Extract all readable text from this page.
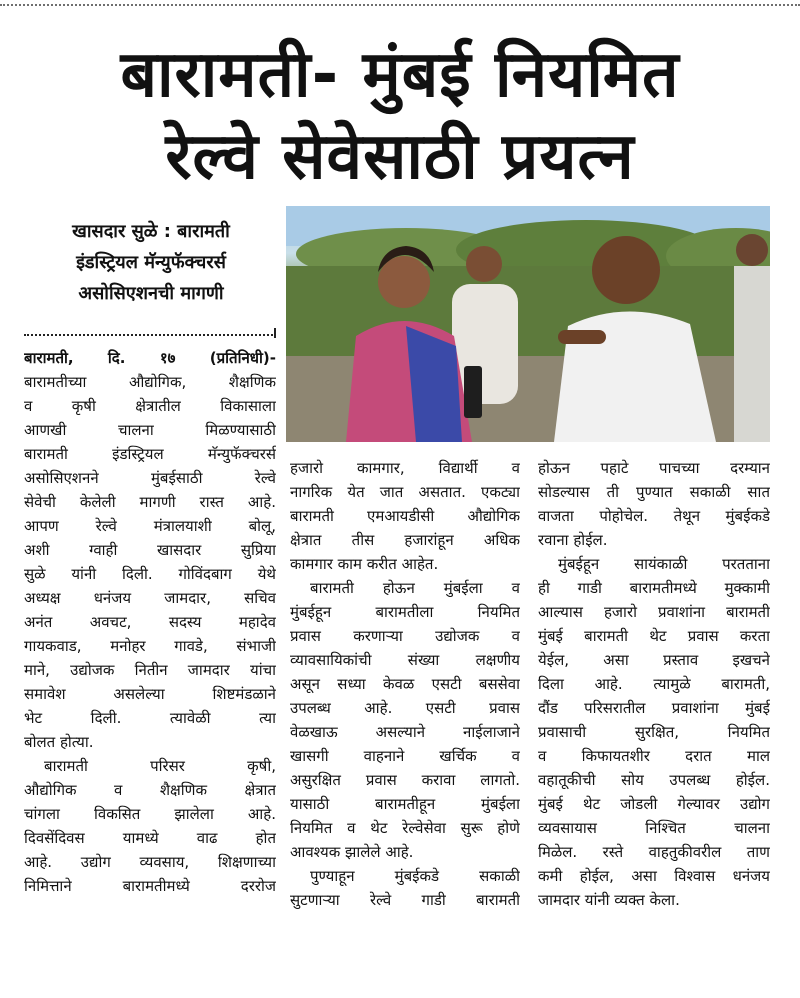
बारामती- मुंबई नियमित
रेल्वे सेवेसाठी प्रयत्न
खासदार सुळे : बारामती
इंडस्ट्रियल मॅन्युफॅक्चरर्स
असोसिएशनची मागणी
बारामती, दि. १७ (प्रतिनिधी)-
बारामतीच्या औद्योगिक, शैक्षणिक
व कृषी क्षेत्रातील विकासाला
आणखी चालना मिळण्यासाठी
बारामती इंडस्ट्रियल मॅन्युफॅक्चरर्स
असोसिएशनने मुंबईसाठी रेल्वे
सेवेची केलेली मागणी रास्त आहे.
आपण रेल्वे मंत्रालयाशी बोलू,
अशी ग्वाही खासदार सुप्रिया
सुळे यांनी दिली. गोविंदबाग येथे
अध्यक्ष धनंजय जामदार, सचिव
अनंत अवचट, सदस्य महादेव
गायकवाड, मनोहर गावडे, संभाजी
माने, उद्योजक नितीन जामदार यांचा
समावेश असलेल्या शिष्टमंडळाने
भेट दिली. त्यावेळी त्या
बोलत होत्या.
बारामती परिसर कृषी,
औद्योगिक व शैक्षणिक क्षेत्रात
चांगला विकसित झालेला आहे.
दिवसेंदिवस यामध्ये वाढ होत
आहे. उद्योग व्यवसाय, शिक्षणाच्या
निमित्ताने बारामतीमध्ये दररोज
हजारो कामगार, विद्यार्थी व
नागरिक येत जात असतात. एकट्या
बारामती एमआयडीसी औद्योगिक
क्षेत्रात तीस हजारांहून अधिक
कामगार काम करीत आहेत.
बारामती होऊन मुंबईला व
मुंबईहून बारामतीला नियमित
प्रवास करणाऱ्या उद्योजक व
व्यावसायिकांची संख्या लक्षणीय
असून सध्या केवळ एसटी बससेवा
उपलब्ध आहे. एसटी प्रवास
वेळखाऊ असल्याने नाईलाजाने
खासगी वाहनाने खर्चिक व
असुरक्षित प्रवास करावा लागतो.
यासाठी बारामतीहून मुंबईला
नियमित व थेट रेल्वेसेवा सुरू होणे
आवश्यक झालेले आहे.
पुण्याहून मुंबईकडे सकाळी
सुटणाऱ्या रेल्वे गाडी बारामती
होऊन पहाटे पाचच्या दरम्यान
सोडल्यास ती पुण्यात सकाळी सात
वाजता पोहोचेल. तेथून मुंबईकडे
रवाना होईल.
मुंबईहून सायंकाळी परतताना
ही गाडी बारामतीमध्ये मुक्कामी
आल्यास हजारो प्रवाशांना बारामती
मुंबई बारामती थेट प्रवास करता
येईल, असा प्रस्ताव इखचने
दिला आहे. त्यामुळे बारामती,
दौंड परिसरातील प्रवाशांना मुंबई
प्रवासाची सुरक्षित, नियमित
व किफायतशीर दरात माल
वहातूकीची सोय उपलब्ध होईल.
मुंबई थेट जोडली गेल्यावर उद्योग
व्यवसायास निश्चित चालना
मिळेल. रस्ते वाहतुकीवरील ताण
कमी होईल, असा विश्वास धनंजय
जामदार यांनी व्यक्त केला.
